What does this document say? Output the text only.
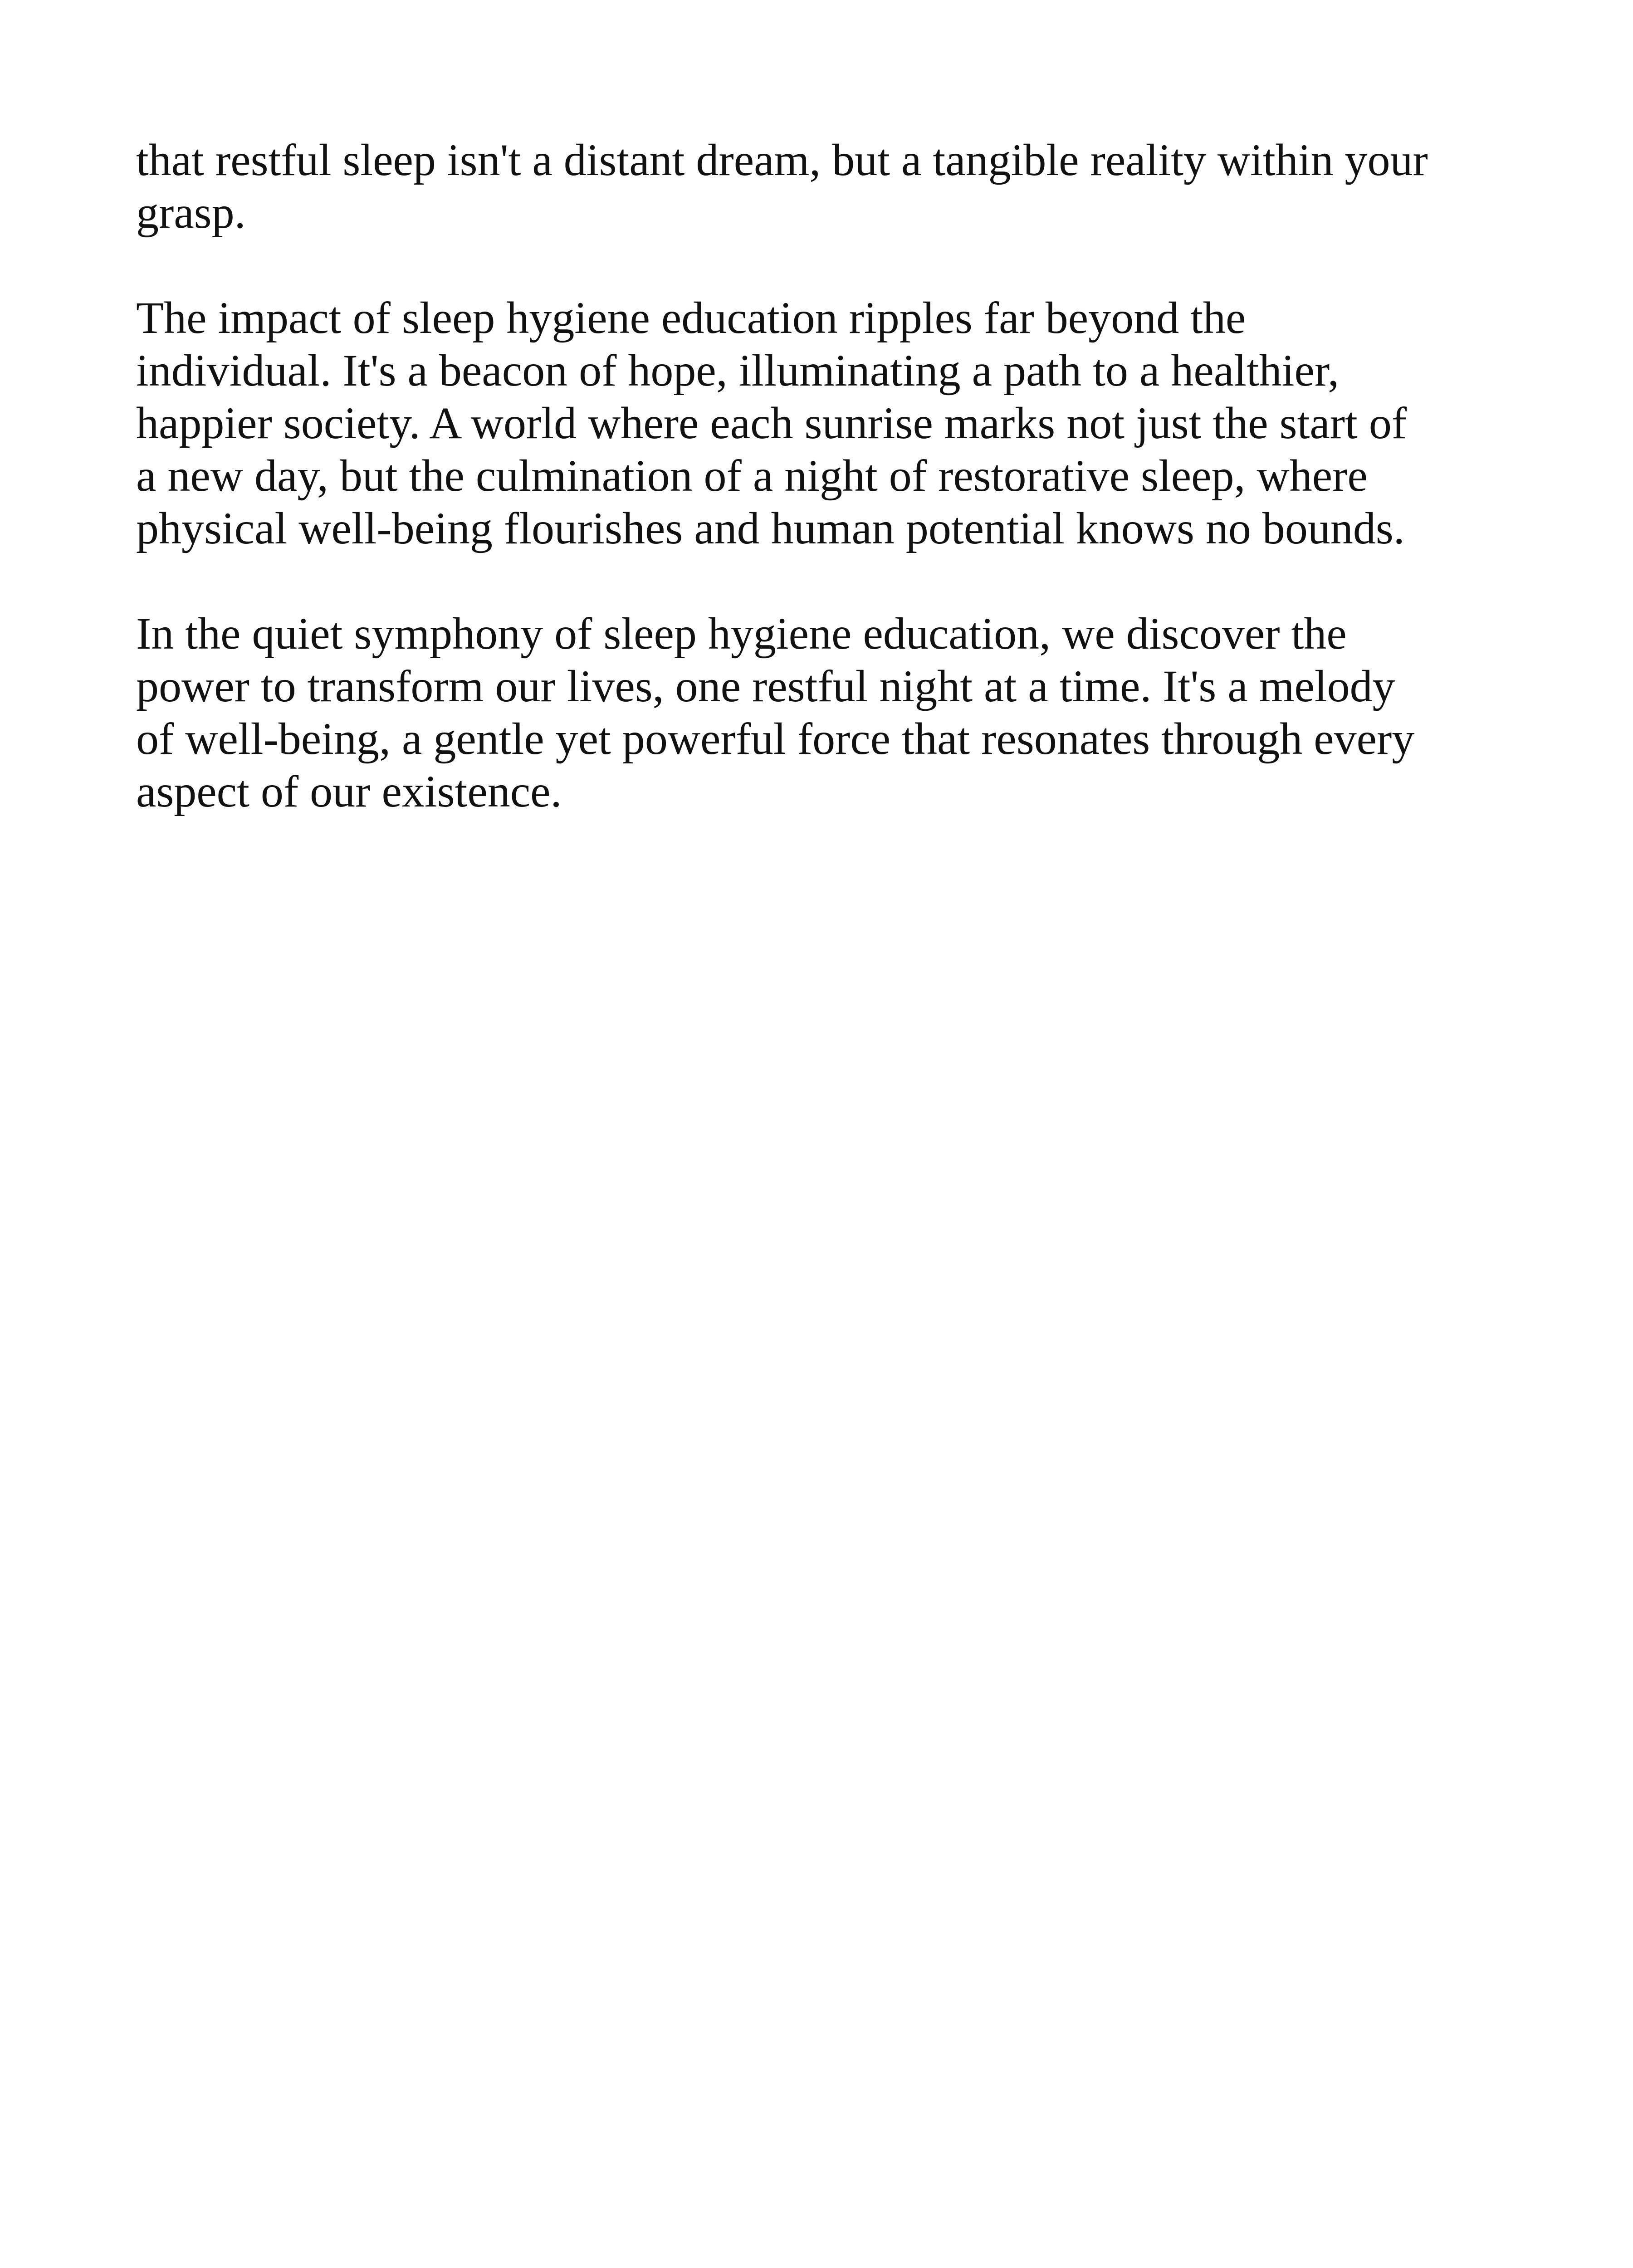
that restful sleep isn't a distant dream, but a tangible reality within your
grasp.

The impact of sleep hygiene education ripples far beyond the
individual. It's a beacon of hope, illuminating a path to a healthier,
happier society. A world where each sunrise marks not just the start of
a new day, but the culmination of a night of restorative sleep, where
physical well-being flourishes and human potential knows no bounds.

In the quiet symphony of sleep hygiene education, we discover the
power to transform our lives, one restful night at a time. It's a melody
of well-being, a gentle yet powerful force that resonates through every
aspect of our existence.
